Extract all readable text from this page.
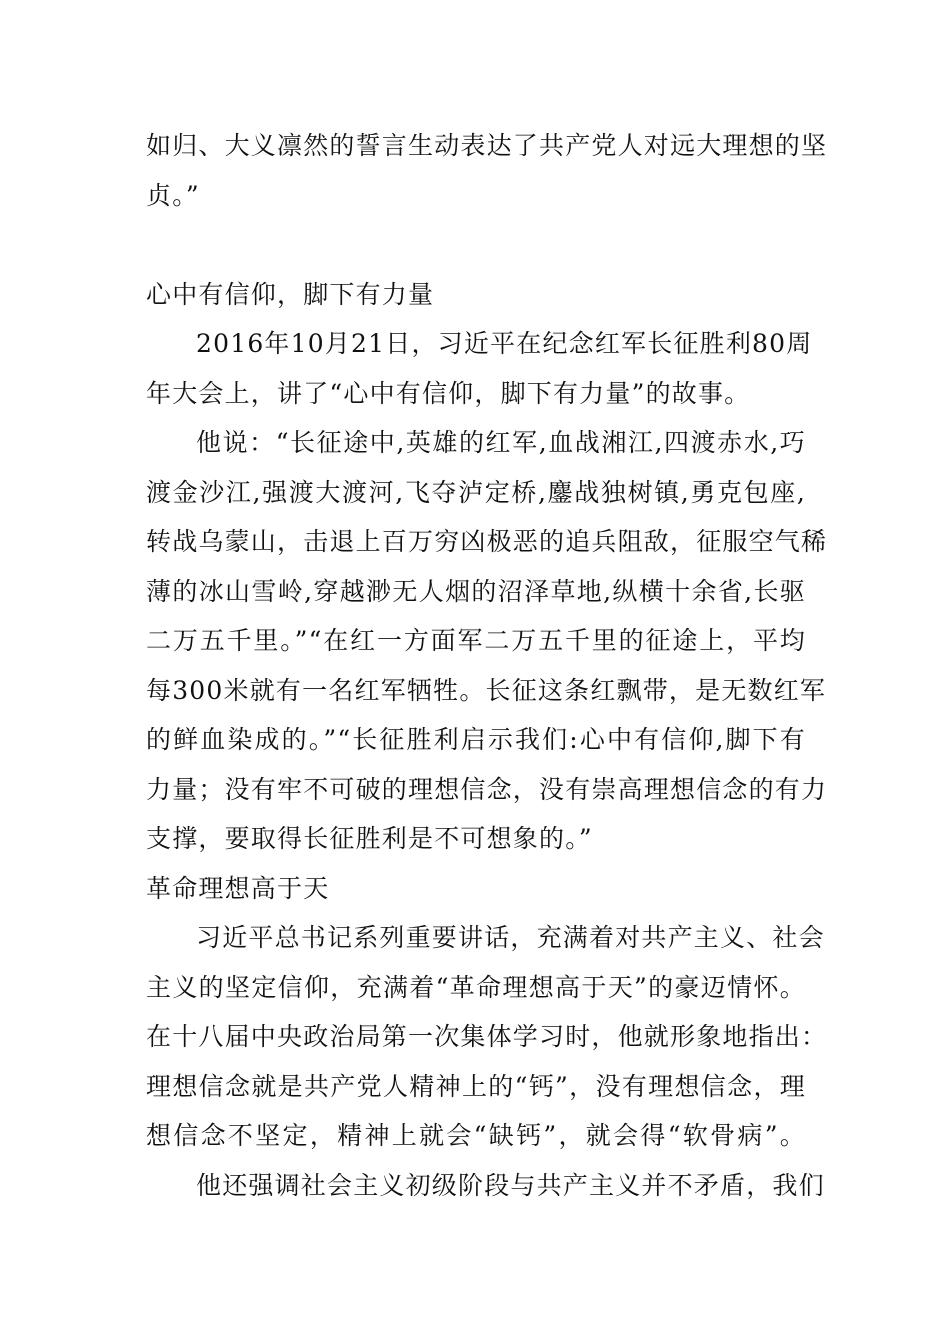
如归、大义凛然的誓言生动表达了共产党人对远大理想的坚
贞。”
心中有信仰，脚下有力量
2016年10月21日，习近平在纪念红军长征胜利80周
年大会上，讲了“心中有信仰，脚下有力量”的故事。
他说：“长征途中,英雄的红军,血战湘江,四渡赤水,巧
渡金沙江,强渡大渡河,飞夺泸定桥,鏖战独树镇,勇克包座,
转战乌蒙山，击退上百万穷凶极恶的追兵阻敌，征服空气稀
薄的冰山雪岭,穿越渺无人烟的沼泽草地,纵横十余省,长驱
二万五千里。”“在红一方面军二万五千里的征途上，平均
每300米就有一名红军牺牲。长征这条红飘带，是无数红军
的鲜血染成的。”“长征胜利启示我们:心中有信仰,脚下有
力量；没有牢不可破的理想信念，没有崇高理想信念的有力
支撑，要取得长征胜利是不可想象的。”
革命理想高于天
习近平总书记系列重要讲话，充满着对共产主义、社会
主义的坚定信仰，充满着“革命理想高于天”的豪迈情怀。
在十八届中央政治局第一次集体学习时，他就形象地指出：
理想信念就是共产党人精神上的“钙”，没有理想信念，理
想信念不坚定，精神上就会“缺钙”，就会得“软骨病”。
他还强调社会主义初级阶段与共产主义并不矛盾，我们
